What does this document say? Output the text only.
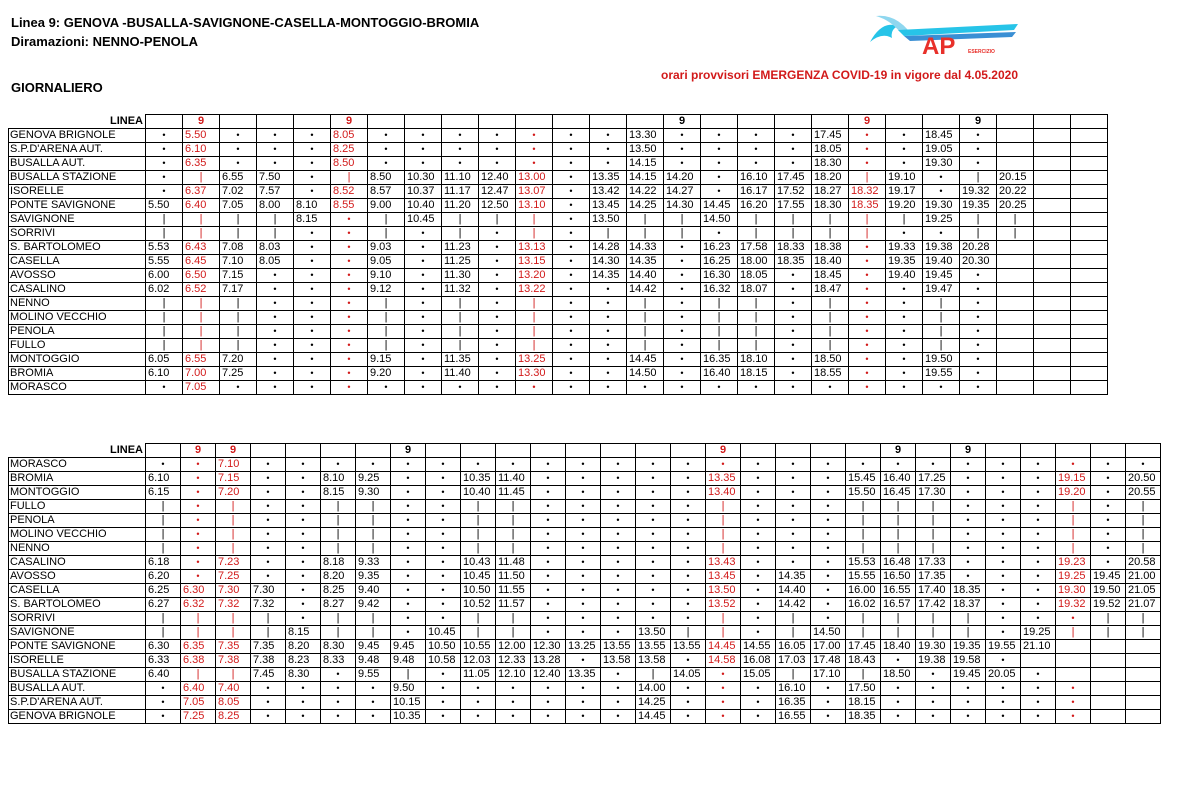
Linea 9: GENOVA -BUSALLA-SAVIGNONE-CASELLA-MONTOGGIO-BROMIA
Diramazioni: NENNO-PENOLA
GIORNALIERO
orari provvisori EMERGENZA COVID-19 in vigore dal 4.05.2020
AP	ESERCIZIO
LINEA		9				9									9					9			9			
GENOVA BRIGNOLE	•	5.50	•	•	•	8.05	•	•	•	•	•	•	•	13.30	•	•	•	•	17.45	•	•	18.45	•			
S.P.D'ARENA AUT.	•	6.10	•	•	•	8.25	•	•	•	•	•	•	•	13.50	•	•	•	•	18.05	•	•	19.05	•			
BUSALLA AUT.	•	6.35	•	•	•	8.50	•	•	•	•	•	•	•	14.15	•	•	•	•	18.30	•	•	19.30	•			
BUSALLA STAZIONE	•	|	6.55	7.50	•	|	8.50	10.30	11.10	12.40	13.00	•	13.35	14.15	14.20	•	16.10	17.45	18.20	|	19.10	•	|	20.15		
ISORELLE	•	6.37	7.02	7.57	•	8.52	8.57	10.37	11.17	12.47	13.07	•	13.42	14.22	14.27	•	16.17	17.52	18.27	18.32	19.17	•	19.32	20.22		
PONTE SAVIGNONE	5.50	6.40	7.05	8.00	8.10	8.55	9.00	10.40	11.20	12.50	13.10	•	13.45	14.25	14.30	14.45	16.20	17.55	18.30	18.35	19.20	19.30	19.35	20.25		
SAVIGNONE	|	|	|	|	8.15	•	|	10.45	|	|	|	•	13.50	|	|	14.50	|	|	|	|	|	19.25	|	|		
SORRIVI	|	|	|	|	•	•	|	•	|	•	|	•	|	|	|	•	|	|	|	|	•	•	|	|		
S. BARTOLOMEO	5.53	6.43	7.08	8.03	•	•	9.03	•	11.23	•	13.13	•	14.28	14.33	•	16.23	17.58	18.33	18.38	•	19.33	19.38	20.28			
CASELLA	5.55	6.45	7.10	8.05	•	•	9.05	•	11.25	•	13.15	•	14.30	14.35	•	16.25	18.00	18.35	18.40	•	19.35	19.40	20.30			
AVOSSO	6.00	6.50	7.15	•	•	•	9.10	•	11.30	•	13.20	•	14.35	14.40	•	16.30	18.05	•	18.45	•	19.40	19.45	•			
CASALINO	6.02	6.52	7.17	•	•	•	9.12	•	11.32	•	13.22	•	•	14.42	•	16.32	18.07	•	18.47	•	•	19.47	•			
NENNO	|	|	|	•	•	•	|	•	|	•	|	•	•	|	•	|	|	•	|	•	•	|	•			
MOLINO VECCHIO	|	|	|	•	•	•	|	•	|	•	|	•	•	|	•	|	|	•	|	•	•	|	•			
PENOLA	|	|	|	•	•	•	|	•	|	•	|	•	•	|	•	|	|	•	|	•	•	|	•			
FULLO	|	|	|	•	•	•	|	•	|	•	|	•	•	|	•	|	|	•	|	•	•	|	•			
MONTOGGIO	6.05	6.55	7.20	•	•	•	9.15	•	11.35	•	13.25	•	•	14.45	•	16.35	18.10	•	18.50	•	•	19.50	•			
BROMIA	6.10	7.00	7.25	•	•	•	9.20	•	11.40	•	13.30	•	•	14.50	•	16.40	18.15	•	18.55	•	•	19.55	•			
MORASCO	•	7.05	•	•	•	•	•	•	•	•	•	•	•	•	•	•	•	•	•	•	•	•	•			
LINEA		9	9					9									9					9		9					
MORASCO	•	•	7.10	•	•	•	•	•	•	•	•	•	•	•	•	•	•	•	•	•	•	•	•	•	•	•	•	•	•
BROMIA	6.10	•	7.15	•	•	8.10	9.25	•	•	10.35	11.40	•	•	•	•	•	13.35	•	•	•	15.45	16.40	17.25	•	•	•	19.15	•	20.50
MONTOGGIO	6.15	•	7.20	•	•	8.15	9.30	•	•	10.40	11.45	•	•	•	•	•	13.40	•	•	•	15.50	16.45	17.30	•	•	•	19.20	•	20.55
FULLO	|	•	|	•	•	|	|	•	•	|	|	•	•	•	•	•	|	•	•	•	|	|	|	•	•	•	|	•	|
PENOLA	|	•	|	•	•	|	|	•	•	|	|	•	•	•	•	•	|	•	•	•	|	|	|	•	•	•	|	•	|
MOLINO VECCHIO	|	•	|	•	•	|	|	•	•	|	|	•	•	•	•	•	|	•	•	•	|	|	|	•	•	•	|	•	|
NENNO	|	•	|	•	•	|	|	•	•	|	|	•	•	•	•	•	|	•	•	•	|	|	|	•	•	•	|	•	|
CASALINO	6.18	•	7.23	•	•	8.18	9.33	•	•	10.43	11.48	•	•	•	•	•	13.43	•	•	•	15.53	16.48	17.33	•	•	•	19.23	•	20.58
AVOSSO	6.20	•	7.25	•	•	8.20	9.35	•	•	10.45	11.50	•	•	•	•	•	13.45	•	14.35	•	15.55	16.50	17.35	•	•	•	19.25	19.45	21.00
CASELLA	6.25	6.30	7.30	7.30	•	8.25	9.40	•	•	10.50	11.55	•	•	•	•	•	13.50	•	14.40	•	16.00	16.55	17.40	18.35	•	•	19.30	19.50	21.05
S. BARTOLOMEO	6.27	6.32	7.32	7.32	•	8.27	9.42	•	•	10.52	11.57	•	•	•	•	•	13.52	•	14.42	•	16.02	16.57	17.42	18.37	•	•	19.32	19.52	21.07
SORRIVI	|	|	|	|	•	|	|	•	•	|	|	•	•	•	•	•	|	•	|	•	|	|	|	|	•	•	•	|	|
SAVIGNONE	|	|	|	|	8.15	|	|	•	10.45	|	|	•	•	•	13.50	|	|	•	|	14.50	|	|	|	|	•	19.25	|	|	|
PONTE SAVIGNONE	6.30	6.35	7.35	7.35	8.20	8.30	9.45	9.45	10.50	10.55	12.00	12.30	13.25	13.55	13.55	13.55	14.45	14.55	16.05	17.00	17.45	18.40	19.30	19.35	19.55	21.10			
ISORELLE	6.33	6.38	7.38	7.38	8.23	8.33	9.48	9.48	10.58	12.03	12.33	13.28	•	13.58	13.58	•	14.58	16.08	17.03	17.48	18.43	•	19.38	19.58	•				
BUSALLA STAZIONE	6.40	|	|	7.45	8.30	•	9.55	|	•	11.05	12.10	12.40	13.35	•	|	14.05	•	15.05	|	17.10	|	18.50	•	19.45	20.05	•			
BUSALLA AUT.	•	6.40	7.40	•	•	•	•	9.50	•	•	•	•	•	•	14.00	•	•	•	16.10	•	17.50	•	•	•	•	•	•		
S.P.D'ARENA AUT.	•	7.05	8.05	•	•	•	•	10.15	•	•	•	•	•	•	14.25	•	•	•	16.35	•	18.15	•	•	•	•	•	•		
GENOVA BRIGNOLE	•	7.25	8.25	•	•	•	•	10.35	•	•	•	•	•	•	14.45	•	•	•	16.55	•	18.35	•	•	•	•	•	•		
